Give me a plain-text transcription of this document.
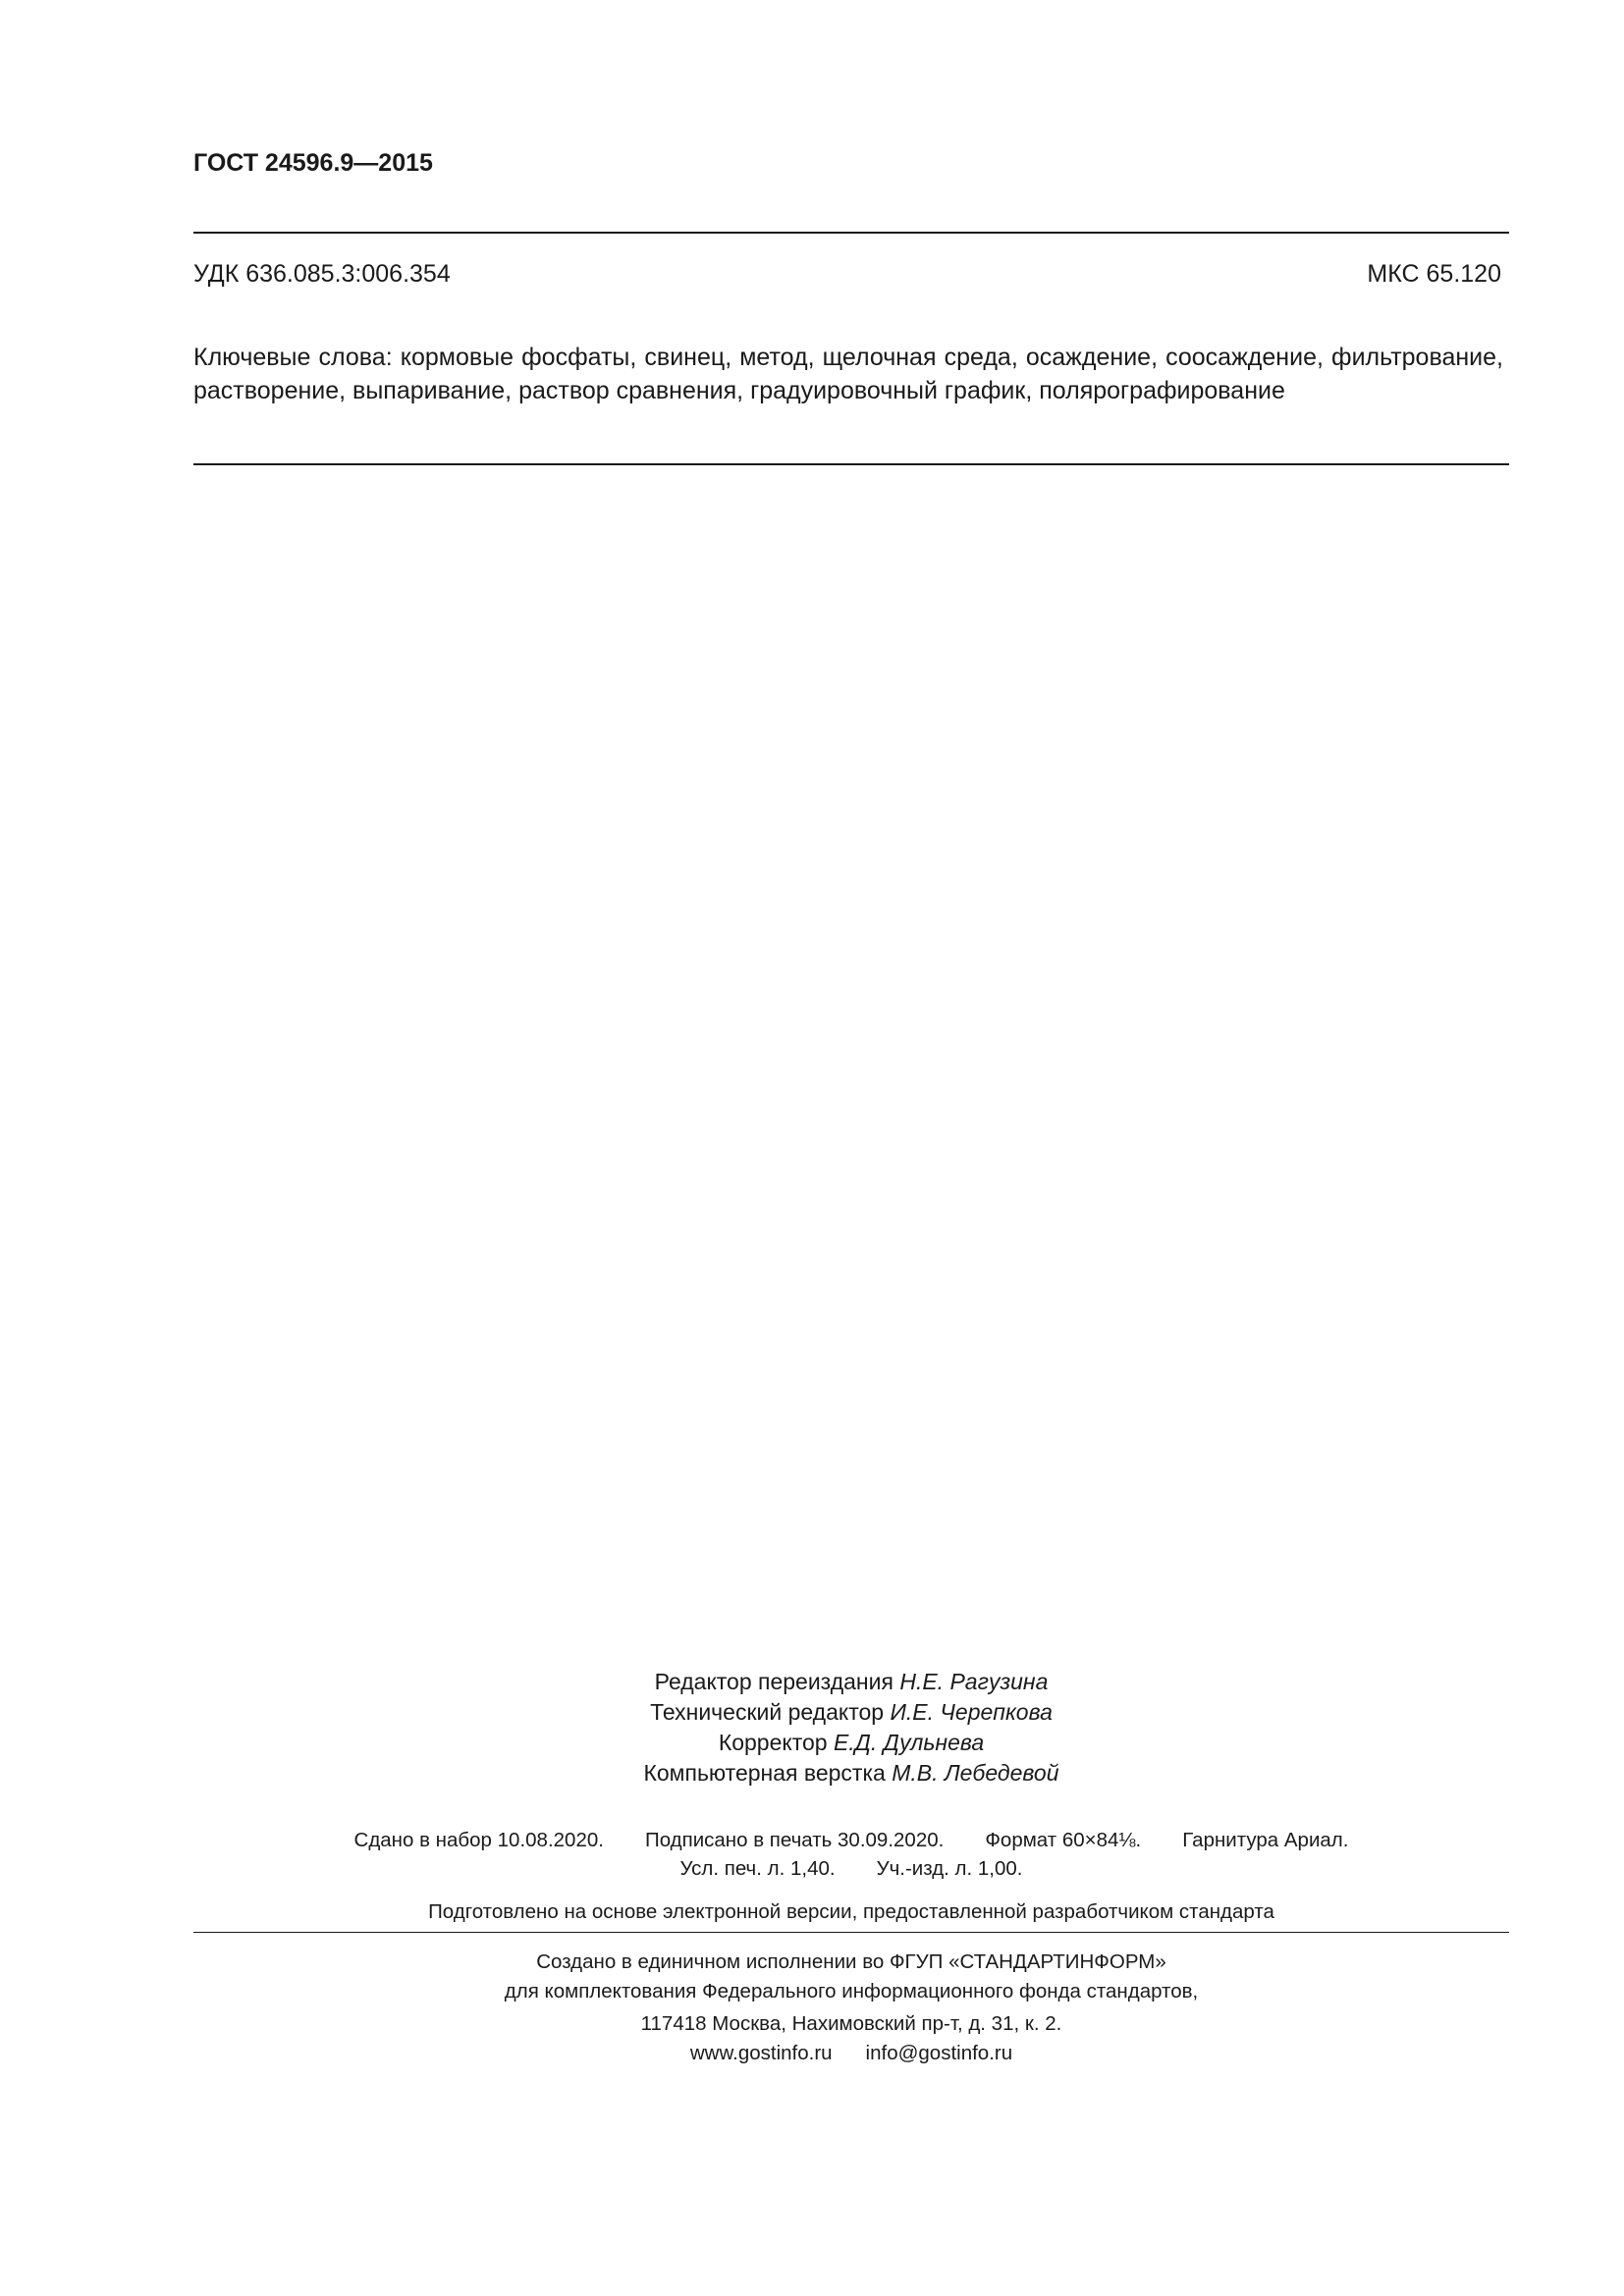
ГОСТ 24596.9—2015
УДК 636.085.3:006.354	МКС 65.120

Ключевые слова: кормовые фосфаты, свинец, метод, щелочная среда, осаждение, соосаждение, фильтрование, растворение, выпаривание, раствор сравнения, градуировочный график, полярографирование

Редактор переиздания Н.Е. Рагузина
Технический редактор И.Е. Черепкова
Корректор Е.Д. Дульнева
Компьютерная верстка М.В. Лебедевой
Сдано в набор 10.08.2020. Подписано в печать 30.09.2020. Формат 60×84⅛. Гарнитура Ариал.
Усл. печ. л. 1,40. Уч.-изд. л. 1,00.
Подготовлено на основе электронной версии, предоставленной разработчиком стандарта
Создано в единичном исполнении во ФГУП «СТАНДАРТИНФОРМ»
для комплектования Федерального информационного фонда стандартов,
117418 Москва, Нахимовский пр-т, д. 31, к. 2.
www.gostinfo.ru info@gostinfo.ru
